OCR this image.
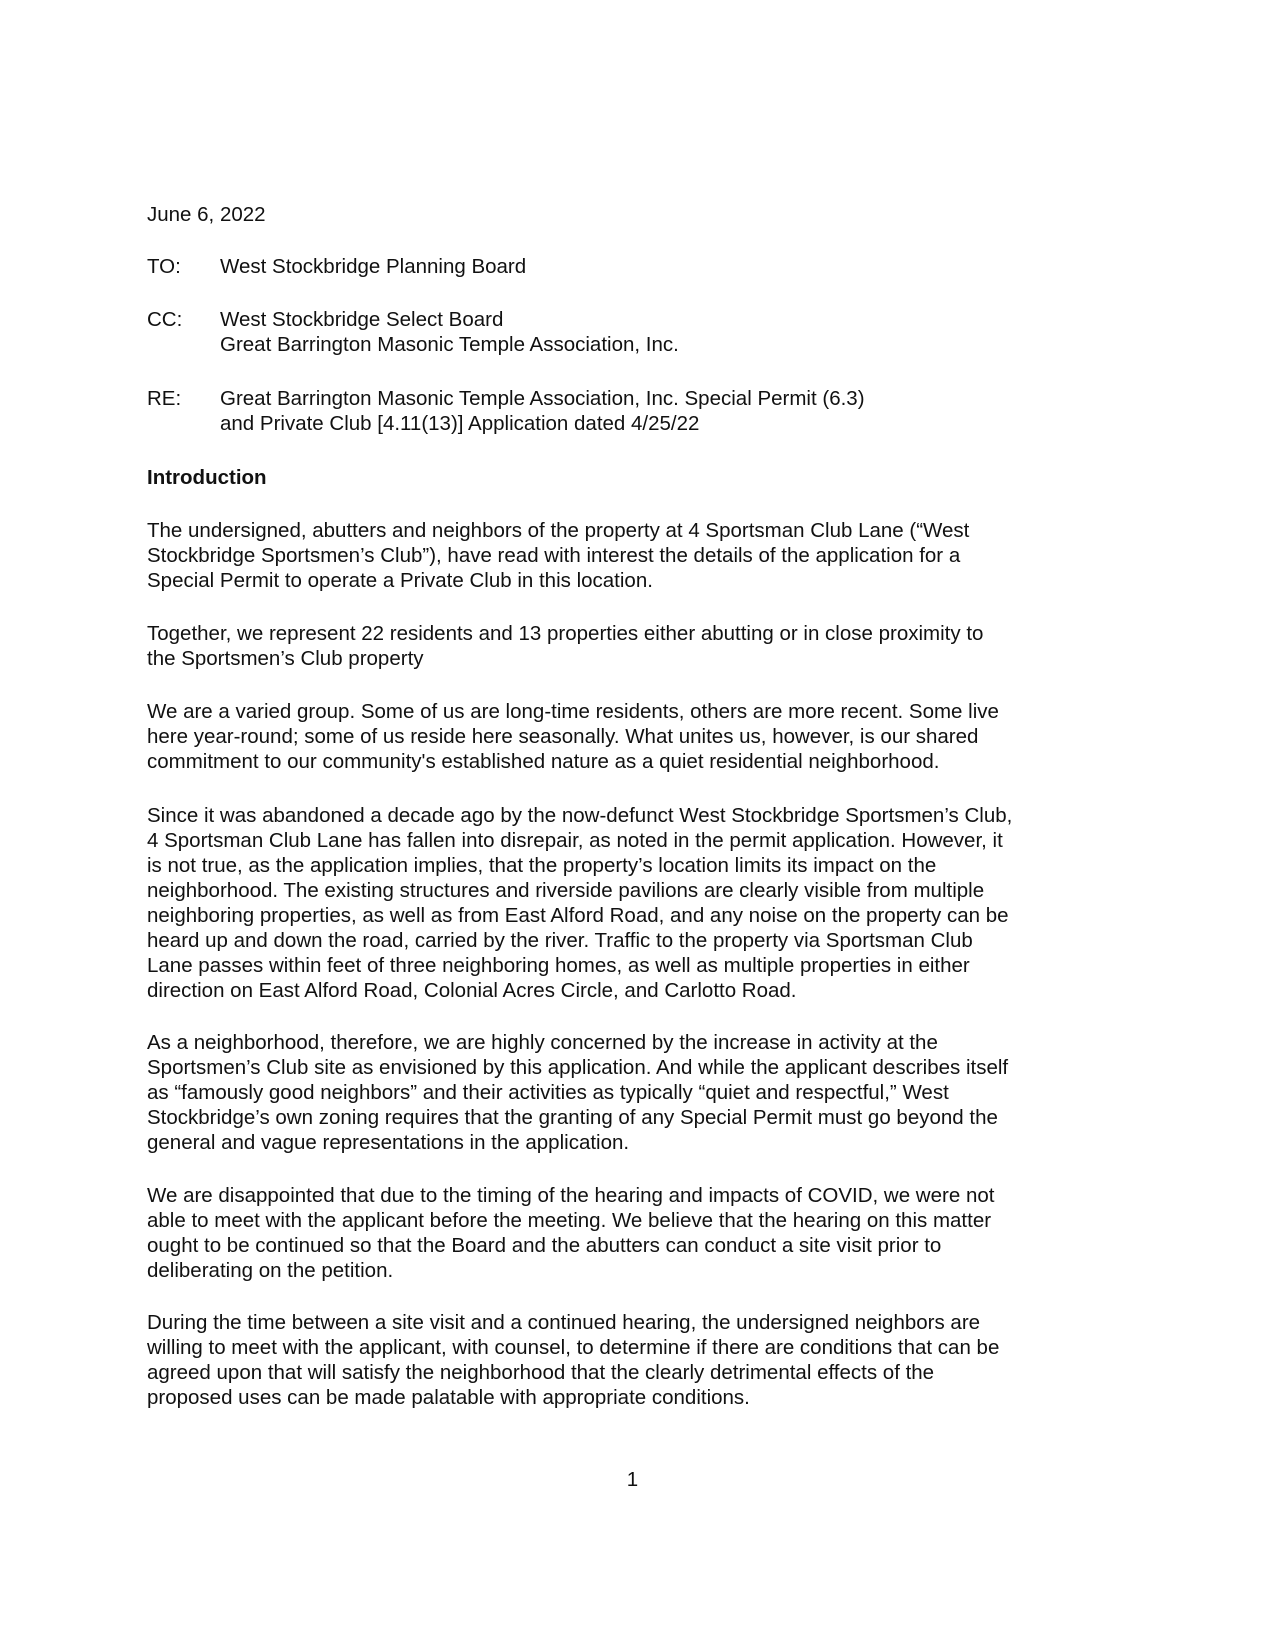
June 6, 2022
TO:	West Stockbridge Planning Board
CC:	West Stockbridge Select Board
Great Barrington Masonic Temple Association, Inc.
RE:	Great Barrington Masonic Temple Association, Inc. Special Permit (6.3)
and Private Club [4.11(13)] Application dated 4/25/22
Introduction
The undersigned, abutters and neighbors of the property at 4 Sportsman Club Lane (“West
Stockbridge Sportsmen’s Club”), have read with interest the details of the application for a
Special Permit to operate a Private Club in this location.
Together, we represent 22 residents and 13 properties either abutting or in close proximity to
the Sportsmen’s Club property
We are a varied group. Some of us are long-time residents, others are more recent. Some live
here year-round; some of us reside here seasonally. What unites us, however, is our shared
commitment to our community's established nature as a quiet residential neighborhood.
Since it was abandoned a decade ago by the now-defunct West Stockbridge Sportsmen’s Club,
4 Sportsman Club Lane has fallen into disrepair, as noted in the permit application. However, it
is not true, as the application implies, that the property’s location limits its impact on the
neighborhood. The existing structures and riverside pavilions are clearly visible from multiple
neighboring properties, as well as from East Alford Road, and any noise on the property can be
heard up and down the road, carried by the river. Traffic to the property via Sportsman Club
Lane passes within feet of three neighboring homes, as well as multiple properties in either
direction on East Alford Road, Colonial Acres Circle, and Carlotto Road.
As a neighborhood, therefore, we are highly concerned by the increase in activity at the
Sportsmen’s Club site as envisioned by this application. And while the applicant describes itself
as “famously good neighbors” and their activities as typically “quiet and respectful,” West
Stockbridge’s own zoning requires that the granting of any Special Permit must go beyond the
general and vague representations in the application.
We are disappointed that due to the timing of the hearing and impacts of COVID, we were not
able to meet with the applicant before the meeting. We believe that the hearing on this matter
ought to be continued so that the Board and the abutters can conduct a site visit prior to
deliberating on the petition.
During the time between a site visit and a continued hearing, the undersigned neighbors are
willing to meet with the applicant, with counsel, to determine if there are conditions that can be
agreed upon that will satisfy the neighborhood that the clearly detrimental effects of the
proposed uses can be made palatable with appropriate conditions.
1
